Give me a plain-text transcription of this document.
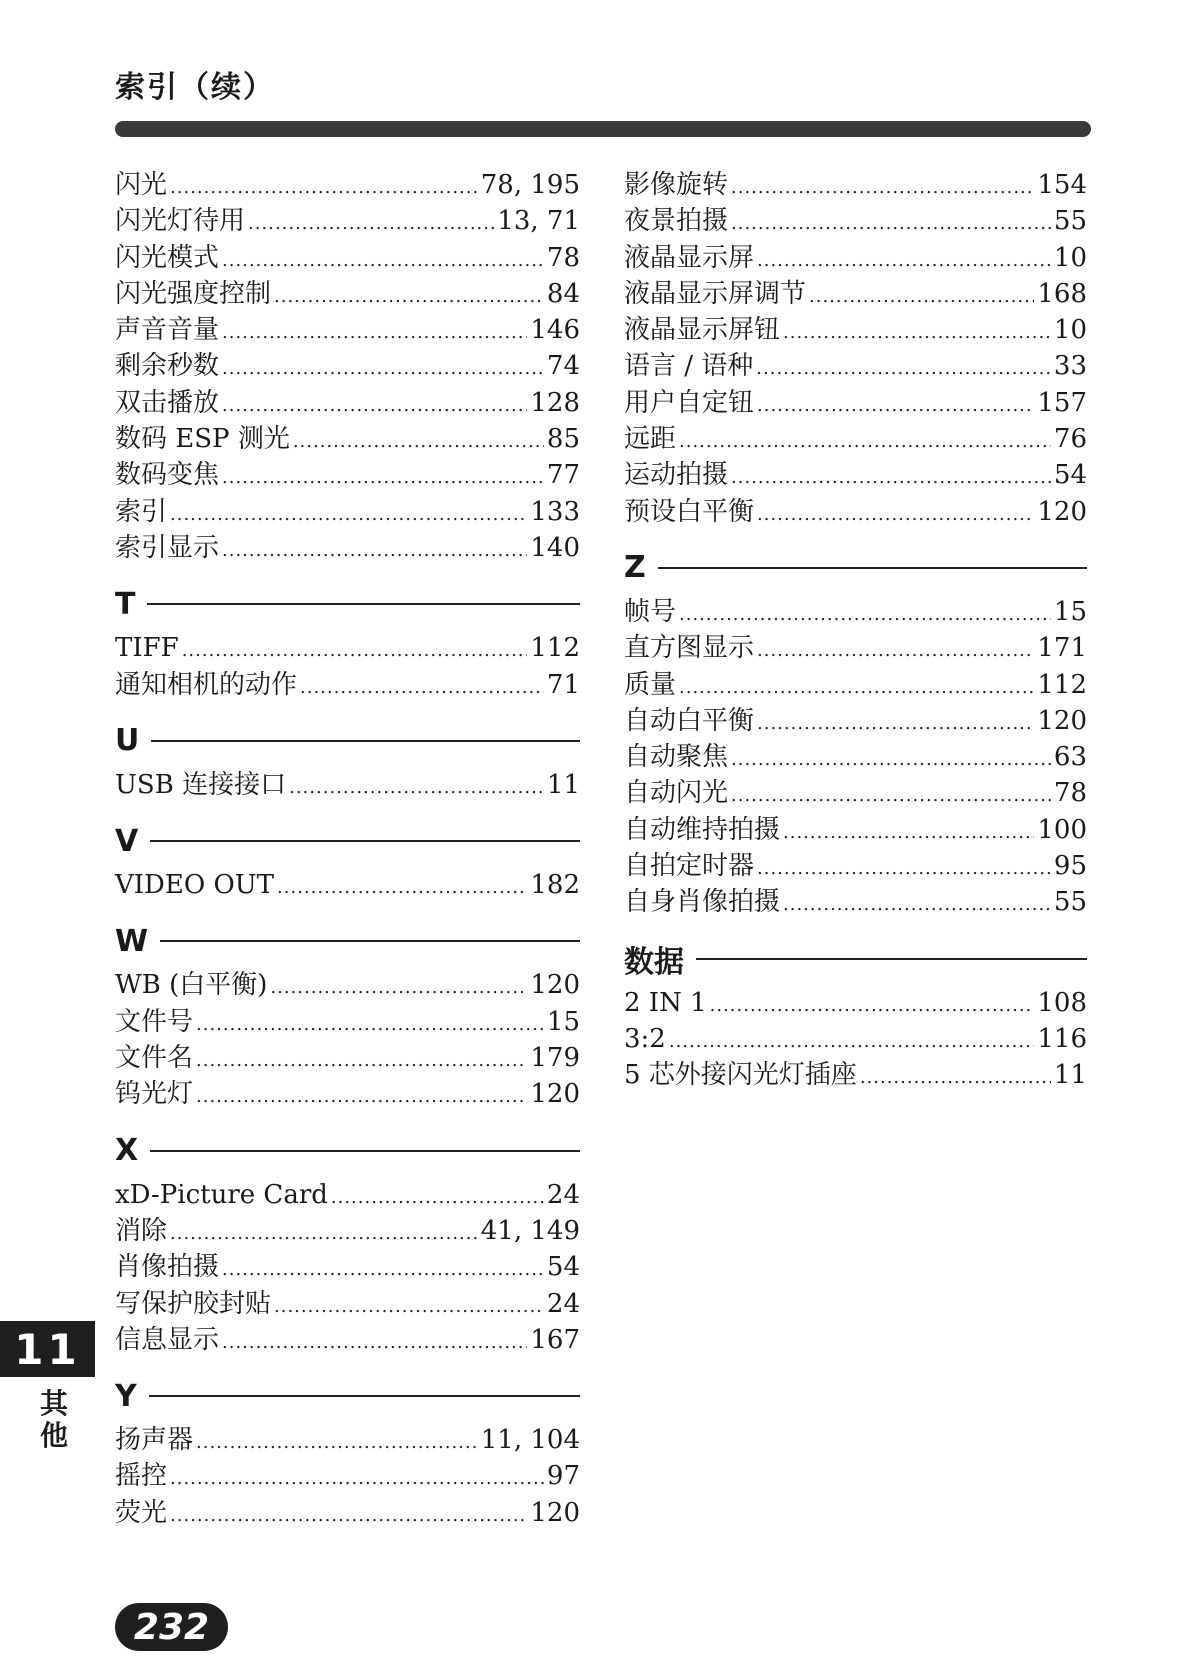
索引（续）
闪光 .....	78, 195
闪光灯待用 .....	13, 71
闪光模式 .....	78
闪光强度控制 .....	84
声音音量 .....	146
剩余秒数 .....	74
双击播放 .....	128
数码 ESP 测光 .....	85
数码变焦 .....	77
索引 .....	133
索引显示 .....	140
T
TIFF .....	112
通知相机的动作 .....	71
U
USB 连接接口 .....	11
V
VIDEO OUT .....	182
W
WB (白平衡) .....	120
文件号 .....	15
文件名 .....	179
钨光灯 .....	120
X
xD-Picture Card .....	24
消除 .....	41, 149
肖像拍摄 .....	54
写保护胶封贴 .....	24
信息显示 .....	167
Y
扬声器 .....	11, 104
摇控 .....	97
荧光 .....	120
影像旋转 .....	154
夜景拍摄 .....	55
液晶显示屏 .....	10
液晶显示屏调节 .....	168
液晶显示屏钮 .....	10
语言 / 语种 .....	33
用户自定钮 .....	157
远距 .....	76
运动拍摄 .....	54
预设白平衡 .....	120
Z
帧号 .....	15
直方图显示 .....	171
质量 .....	112
自动白平衡 .....	120
自动聚焦 .....	63
自动闪光 .....	78
自动维持拍摄 .....	100
自拍定时器 .....	95
自身肖像拍摄 .....	55
数据
2 IN 1 .....	108
3:2 .....	116
5 芯外接闪光灯插座 .....	11
11
其他
232
